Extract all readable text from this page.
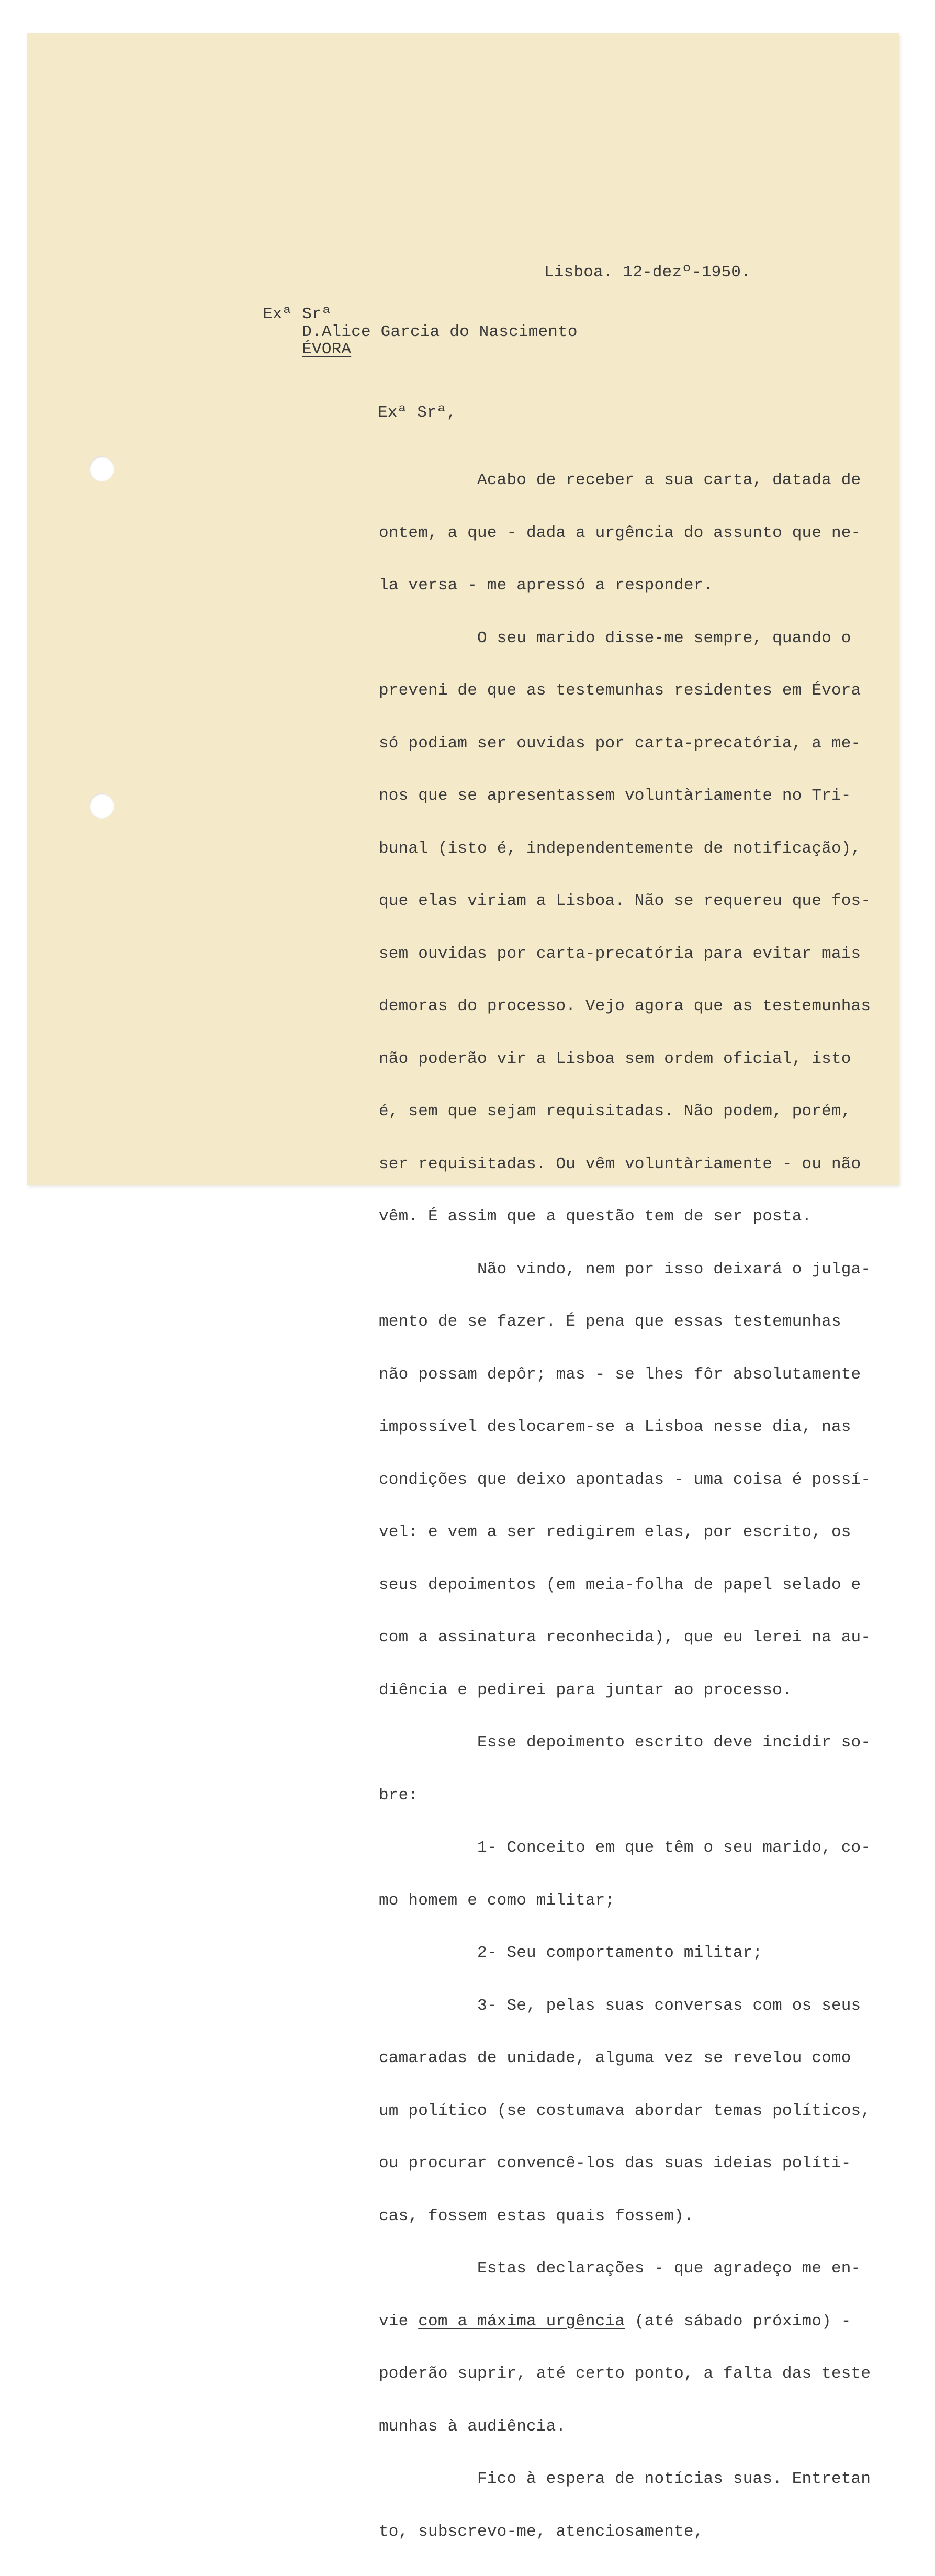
Lisboa. 12-dezº-1950.
Exª Srª
D.Alice Garcia do Nascimento
ÉVORA
Exª Srª,

Acabo de receber a sua carta, datada de

ontem, a que - dada a urgência do assunto que ne-

la versa - me apressó a responder.

O seu marido disse-me sempre, quando o

preveni de que as testemunhas residentes em Évora

só podiam ser ouvidas por carta-precatória, a me-

nos que se apresentassem voluntàriamente no Tri-

bunal (isto é, independentemente de notificação),

que elas viriam a Lisboa. Não se requereu que fos-

sem ouvidas por carta-precatória para evitar mais

demoras do processo. Vejo agora que as testemunhas

não poderão vir a Lisboa sem ordem oficial, isto

é, sem que sejam requisitadas. Não podem, porém,

ser requisitadas. Ou vêm voluntàriamente - ou não

vêm. É assim que a questão tem de ser posta.

Não vindo, nem por isso deixará o julga-

mento de se fazer. É pena que essas testemunhas

não possam depôr; mas - se lhes fôr absolutamente

impossível deslocarem-se a Lisboa nesse dia, nas

condições que deixo apontadas - uma coisa é possí-

vel: e vem a ser redigirem elas, por escrito, os

seus depoimentos (em meia-folha de papel selado e

com a assinatura reconhecida), que eu lerei na au-

diência e pedirei para juntar ao processo.

Esse depoimento escrito deve incidir so-

bre:

1- Conceito em que têm o seu marido, co-

mo homem e como militar;

2- Seu comportamento militar;

3- Se, pelas suas conversas com os seus

camaradas de unidade, alguma vez se revelou como

um político (se costumava abordar temas políticos,

ou procurar convencê-los das suas ideias políti-

cas, fossem estas quais fossem).

Estas declarações - que agradeço me en-

vie com a máxima urgência (até sábado próximo) -

poderão suprir, até certo ponto, a falta das teste

munhas à audiência.

Fico à espera de notícias suas. Entretan

to, subscrevo-me, atenciosamente,
